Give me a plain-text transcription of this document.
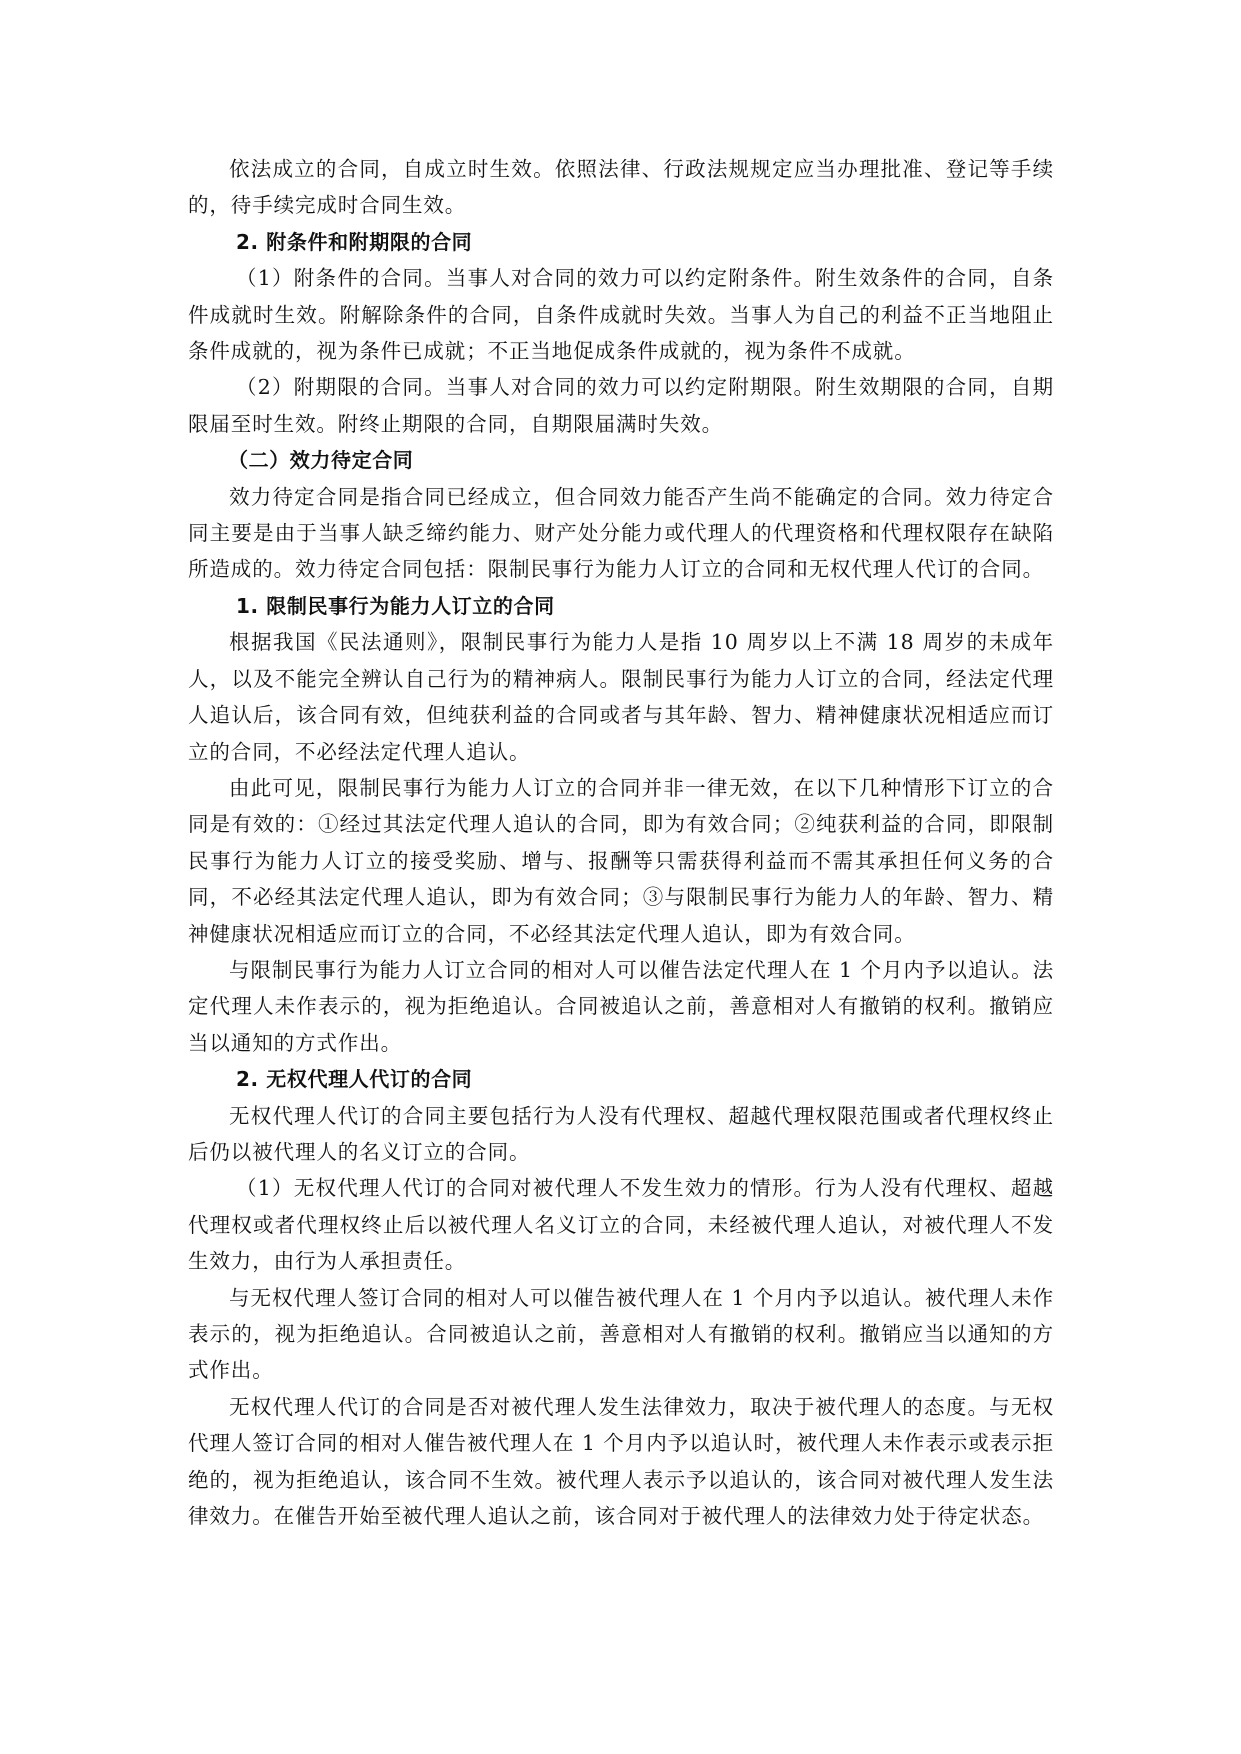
依法成立的合同，自成立时生效。依照法律、行政法规规定应当办理批准、登记等手续的，待手续完成时合同生效。

2. 附条件和附期限的合同

（1）附条件的合同。当事人对合同的效力可以约定附条件。附生效条件的合同，自条件成就时生效。附解除条件的合同，自条件成就时失效。当事人为自己的利益不正当地阻止条件成就的，视为条件已成就；不正当地促成条件成就的，视为条件不成就。

（2）附期限的合同。当事人对合同的效力可以约定附期限。附生效期限的合同，自期限届至时生效。附终止期限的合同，自期限届满时失效。

（二）效力待定合同

效力待定合同是指合同已经成立，但合同效力能否产生尚不能确定的合同。效力待定合同主要是由于当事人缺乏缔约能力、财产处分能力或代理人的代理资格和代理权限存在缺陷所造成的。效力待定合同包括：限制民事行为能力人订立的合同和无权代理人代订的合同。

1. 限制民事行为能力人订立的合同

根据我国《民法通则》，限制民事行为能力人是指 10 周岁以上不满 18 周岁的未成年人，以及不能完全辨认自己行为的精神病人。限制民事行为能力人订立的合同，经法定代理人追认后，该合同有效，但纯获利益的合同或者与其年龄、智力、精神健康状况相适应而订立的合同，不必经法定代理人追认。

由此可见，限制民事行为能力人订立的合同并非一律无效，在以下几种情形下订立的合同是有效的：①经过其法定代理人追认的合同，即为有效合同；②纯获利益的合同，即限制民事行为能力人订立的接受奖励、增与、报酬等只需获得利益而不需其承担任何义务的合同，不必经其法定代理人追认，即为有效合同；③与限制民事行为能力人的年龄、智力、精神健康状况相适应而订立的合同，不必经其法定代理人追认，即为有效合同。

与限制民事行为能力人订立合同的相对人可以催告法定代理人在 1 个月内予以追认。法定代理人未作表示的，视为拒绝追认。合同被追认之前，善意相对人有撤销的权利。撤销应当以通知的方式作出。

2. 无权代理人代订的合同

无权代理人代订的合同主要包括行为人没有代理权、超越代理权限范围或者代理权终止后仍以被代理人的名义订立的合同。

（1）无权代理人代订的合同对被代理人不发生效力的情形。行为人没有代理权、超越代理权或者代理权终止后以被代理人名义订立的合同，未经被代理人追认，对被代理人不发生效力，由行为人承担责任。

与无权代理人签订合同的相对人可以催告被代理人在 1 个月内予以追认。被代理人未作表示的，视为拒绝追认。合同被追认之前，善意相对人有撤销的权利。撤销应当以通知的方式作出。

无权代理人代订的合同是否对被代理人发生法律效力，取决于被代理人的态度。与无权代理人签订合同的相对人催告被代理人在 1 个月内予以追认时，被代理人未作表示或表示拒绝的，视为拒绝追认，该合同不生效。被代理人表示予以追认的，该合同对被代理人发生法律效力。在催告开始至被代理人追认之前，该合同对于被代理人的法律效力处于待定状态。
